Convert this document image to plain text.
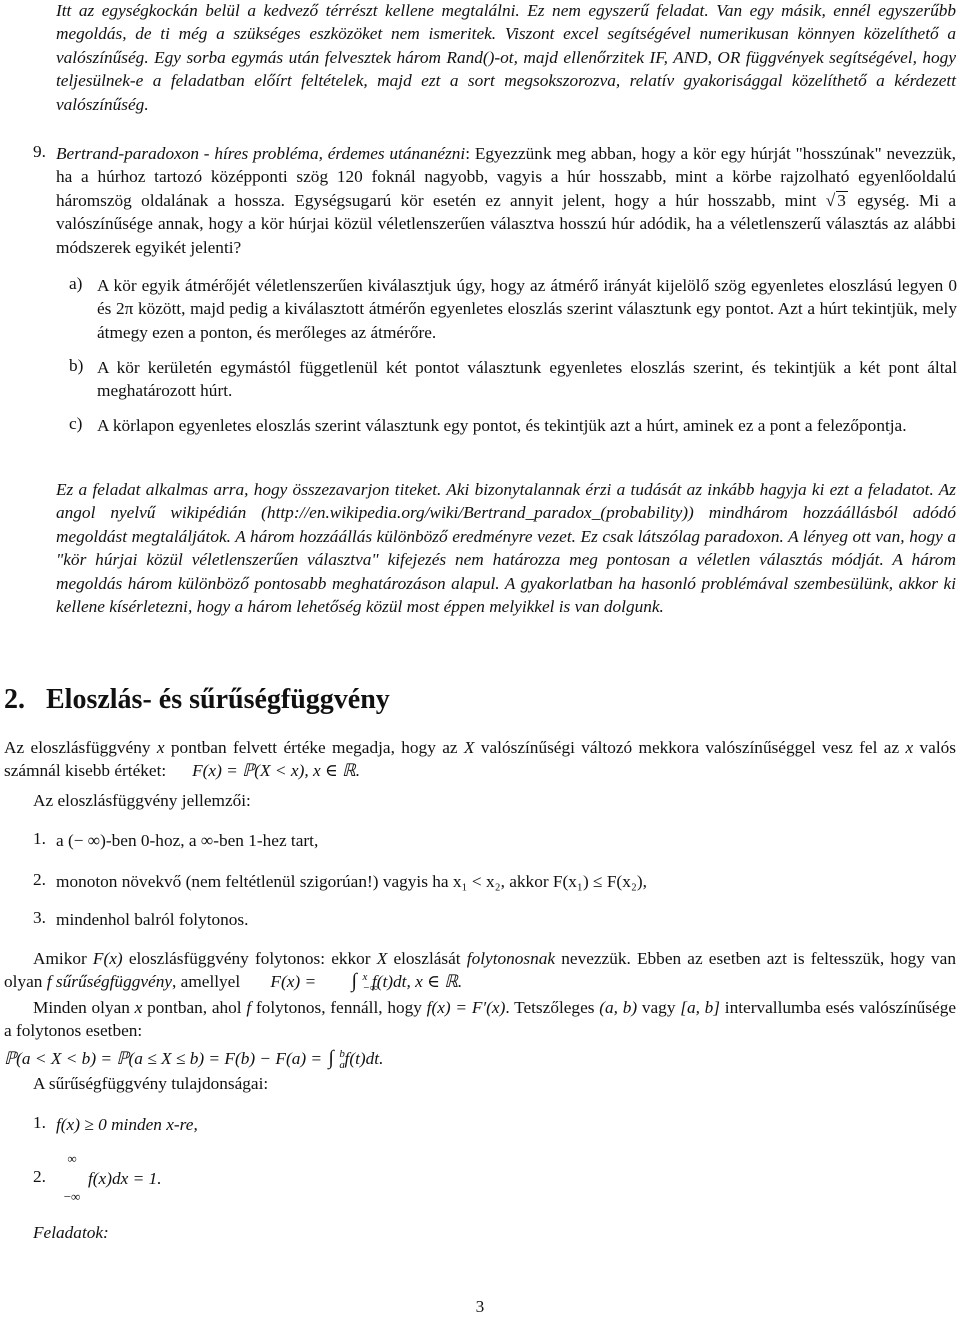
Itt az egységkockán belül a kedvező térrészt kellene megtalálni. Ez nem egyszerű feladat. Van egy másik, ennél egyszerűbb megoldás, de ti még a szükséges eszközöket nem ismeritek. Viszont excel segítségével numerikusan könnyen közelíthető a valószínűség. Egy sorba egymás után felvesztek három Rand()-ot, majd ellenőrzitek IF, AND, OR függvények segítségével, hogy teljesülnek-e a feladatban előírt feltételek, majd ezt a sort megsokszorozva, relatív gyakorisággal közelíthető a kérdezett valószínűség.

9. Bertrand-paradoxon - híres probléma, érdemes utánanézni: Egyezzünk meg abban, hogy a kör egy húrját "hosszúnak" nevezzük, ha a húrhoz tartozó középponti szög 120 foknál nagyobb, vagyis a húr hosszabb, mint a körbe rajzolható egyenlőoldalú háromszög oldalának a hossza. Egységsugarú kör esetén ez annyit jelent, hogy a húr hosszabb, mint √ 3 egység. Mi a valószínűsége annak, hogy a kör húrjai közül véletlenszerűen választva hosszú húr adódik, ha a véletlenszerű választás az alábbi módszerek egyikét jelenti?

a) A kör egyik átmérőjét véletlenszerűen kiválasztjuk úgy, hogy az átmérő irányát kijelölő szög egyenletes eloszlású legyen 0 és 2π között, majd pedig a kiválasztott átmérőn egyenletes eloszlás szerint választunk egy pontot. Azt a húrt tekintjük, mely átmegy ezen a ponton, és merőleges az átmérőre.

b) A kör kerületén egymástól függetlenül két pontot választunk egyenletes eloszlás szerint, és tekintjük a két pont által meghatározott húrt.

c) A körlapon egyenletes eloszlás szerint választunk egy pontot, és tekintjük azt a húrt, aminek ez a pont a felezőpontja.

Ez a feladat alkalmas arra, hogy összezavarjon titeket. Aki bizonytalannak érzi a tudását az inkább hagyja ki ezt a feladatot. Az angol nyelvű wikipédián (http://en.wikipedia.org/wiki/Bertrand_paradox_(probability)) mindhárom hozzáállásból adódó megoldást megtaláljátok. A három hozzáállás különböző eredményre vezet. Ez csak látszólag paradoxon. A lényeg ott van, hogy a "kör húrjai közül véletlenszerűen választva" kifejezés nem határozza meg pontosan a véletlen választás módját. A három megoldás három különböző pontosabb meghatározáson alapul. A gyakorlatban ha hasonló problémával szembesülünk, akkor ki kellene kísérletezni, hogy a három lehetőség közül most éppen melyikkel is van dolgunk.

2. Eloszlás- és sűrűségfüggvény

Az eloszlásfüggvény x pontban felvett értéke megadja, hogy az X valószínűségi változó mekkora valószínűséggel vesz fel az x valós számnál kisebb értéket: F(x) = ℙ(X < x), x ∈ ℝ.

Az eloszlásfüggvény jellemzői:

1. a (− ∞)-ben 0-hoz, a ∞-ben 1-hez tart,

2. monoton növekvő (nem feltétlenül szigorúan!) vagyis ha x₁ < x₂, akkor F(x₁) ≤ F(x₂),

3. mindenhol balról folytonos.

Amikor F(x) eloszlásfüggvény folytonos: ekkor X eloszlását folytonosnak nevezzük. Ebben az esetben azt is feltesszük, hogy van olyan f sűrűségfüggvény, amellyel F(x) = ∫ x
−∞
f(t)dt, x ∈ ℝ.

Minden olyan x pontban, ahol f folytonos, fennáll, hogy f(x) = F′(x). Tetszőleges (a, b) vagy [a, b] intervallumba esés valószínűsége a folytonos esetben:

ℙ(a < X < b) = ℙ(a ≤ X ≤ b) = F(b) − F(a) = ∫ b
a f(t)dt.

A sűrűségfüggvény tulajdonságai:

1. f(x) ≥ 0 minden x-re,

2.
∞
−∞

f(x)dx = 1.

Feladatok:

3
